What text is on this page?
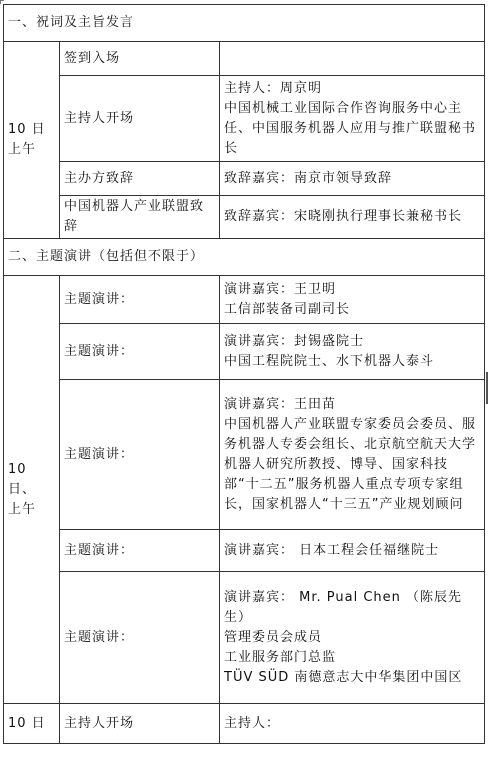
一、祝词及主旨发言		
10 日
上午	签到入场	
	主持人开场	主持人：周京明
中国机械工业国际合作咨询服务中心主任、中国服务机器人应用与推广联盟秘书长
	主办方致辞	致辞嘉宾：南京市领导致辞
	中国机器人产业联盟致辞	致辞嘉宾：宋晓刚执行理事长兼秘书长
二、主题演讲（包括但不限于）		
10 日、
上午	主题演讲：	演讲嘉宾：王卫明
工信部装备司副司长
	主题演讲：	演讲嘉宾：封锡盛院士
中国工程院院士、水下机器人泰斗
	主题演讲：	演讲嘉宾：王田苗
中国机器人产业联盟专家委员会委员、服务机器人专委会组长、北京航空航天大学机器人研究所教授、博导、国家科技部“十二五”服务机器人重点专项专家组长，国家机器人“十三五”产业规划顾问
	主题演讲：	演讲嘉宾： 日本工程会任福继院士
	主题演讲：	演讲嘉宾： Mr. Pual Chen （陈辰先生）
管理委员会成员
工业服务部门总监
TÜV SÜD 南德意志大中华集团中国区
10 日	主持人开场	主持人：
